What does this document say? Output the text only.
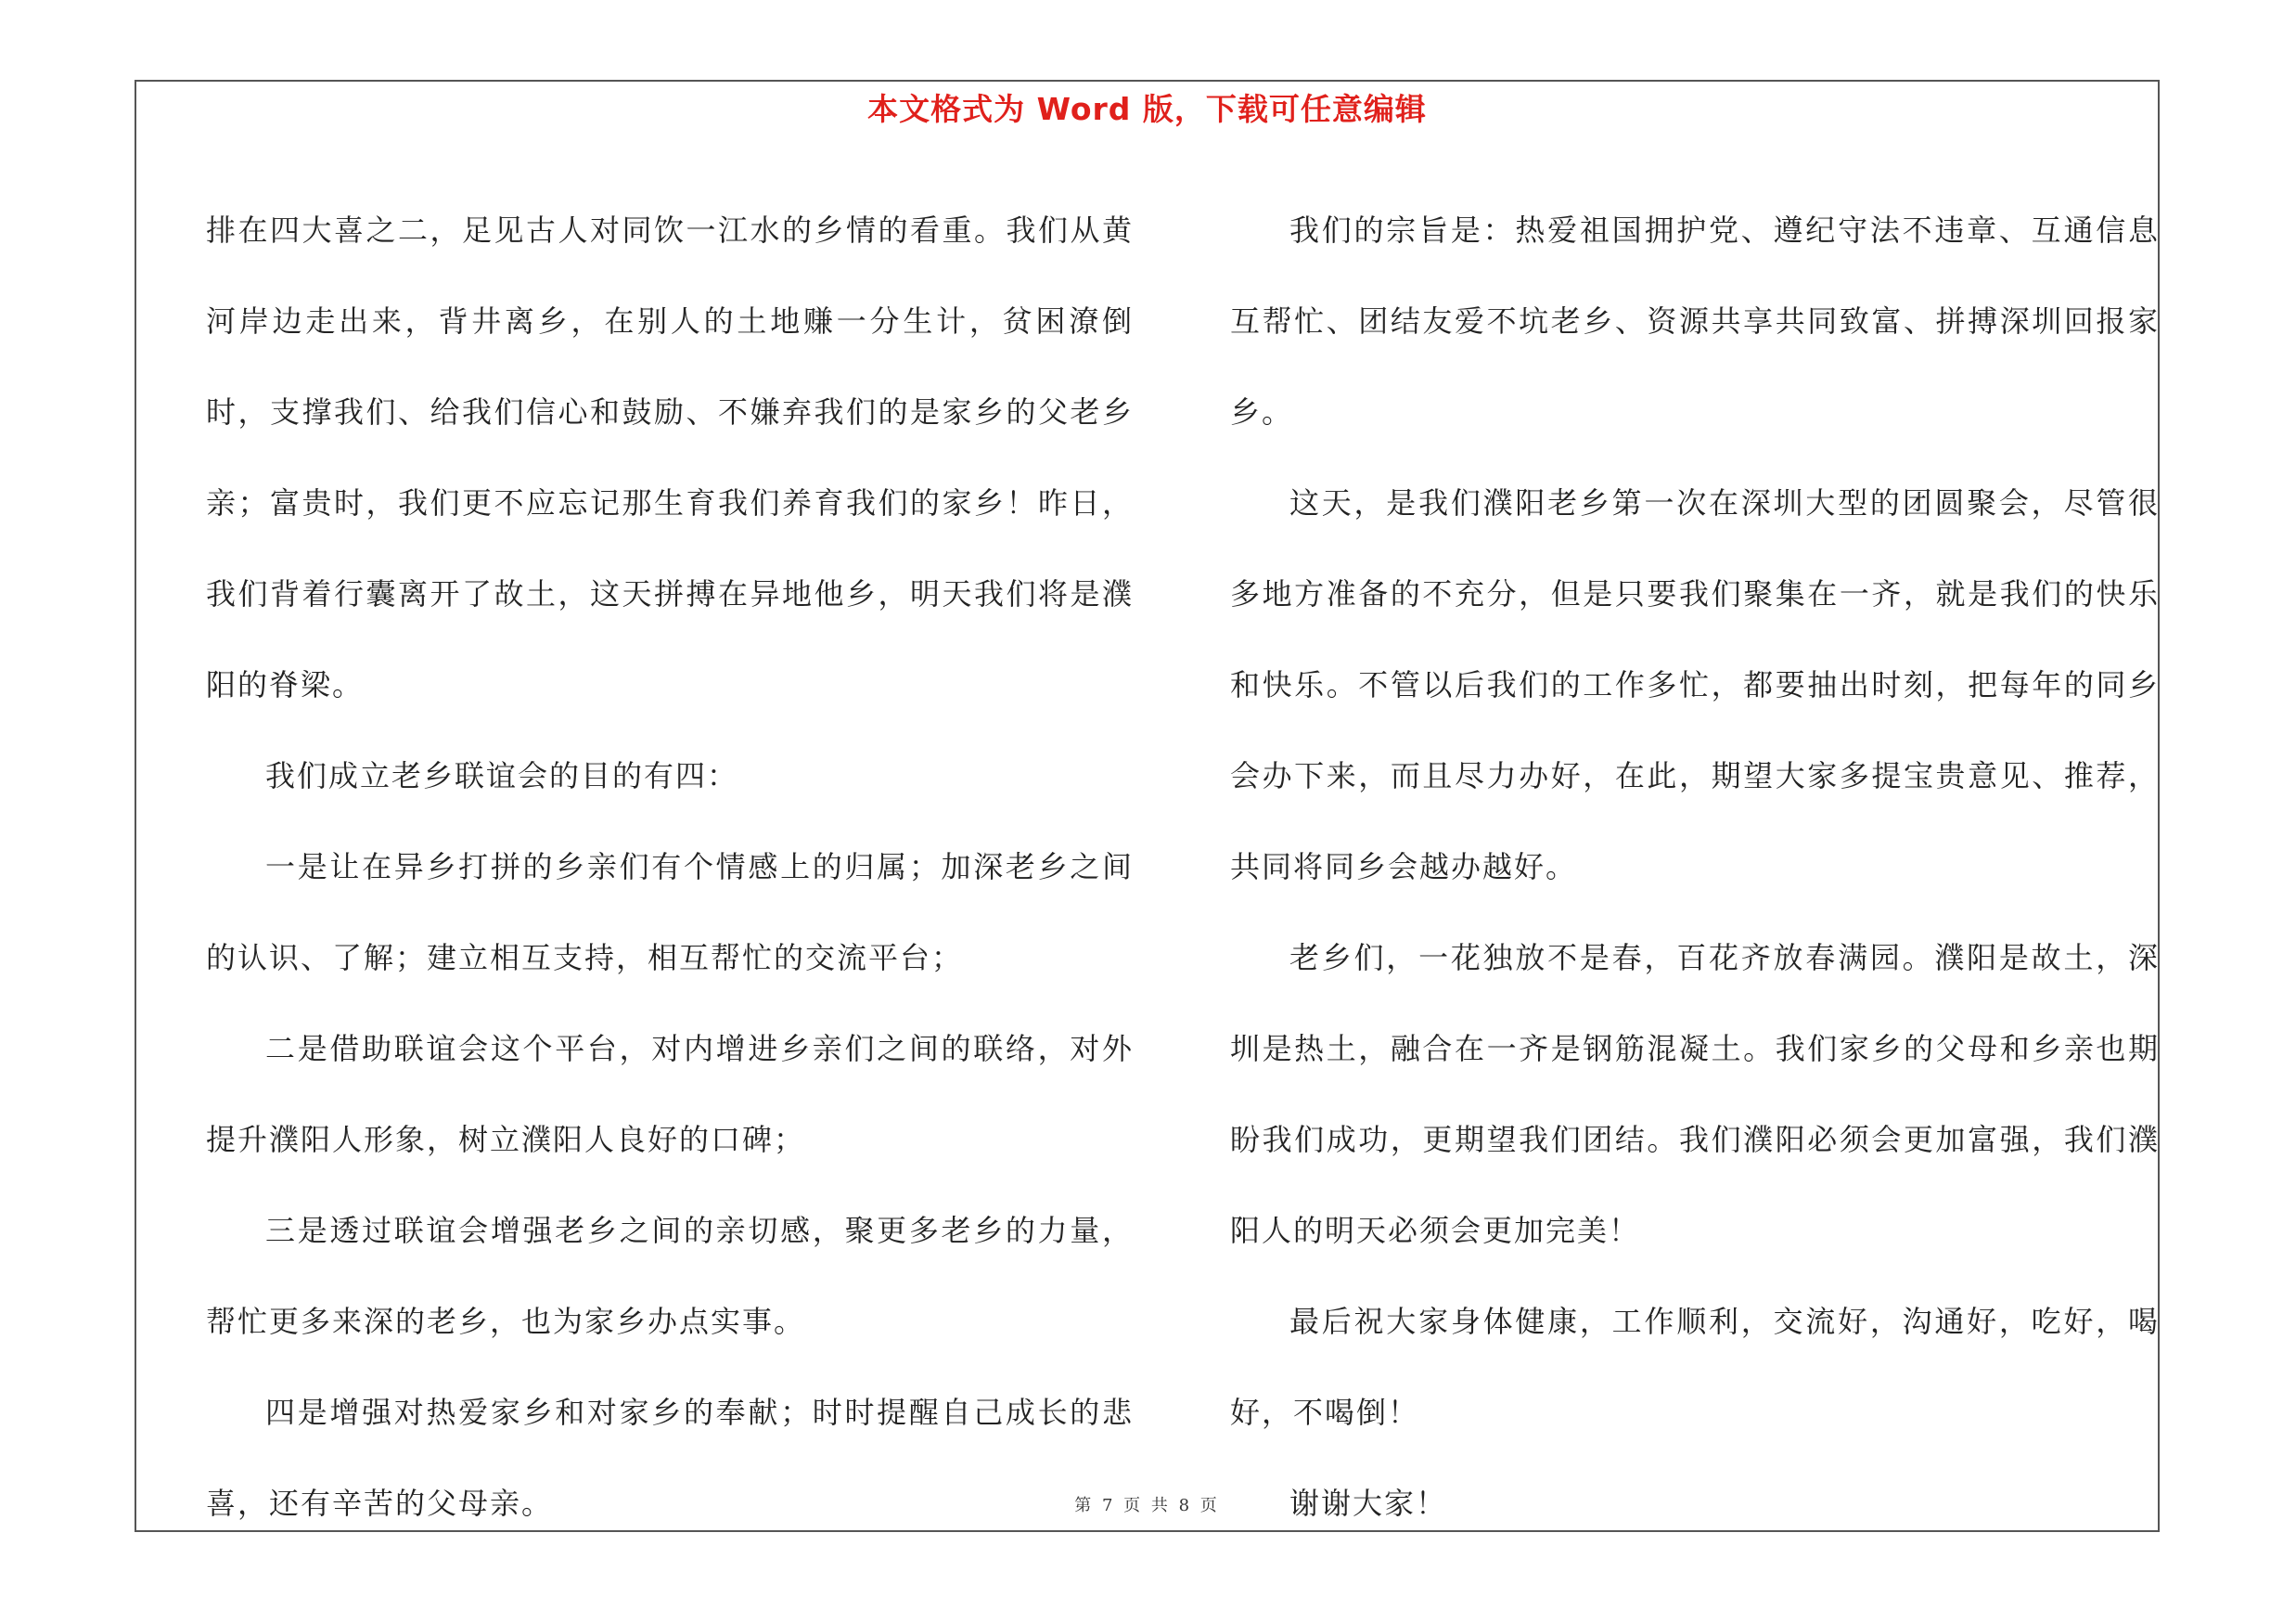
本文格式为 Word 版，下载可任意编辑

排在四大喜之二，足见古人对同饮一江水的乡情的看重。我们从黄河岸边走出来，背井离乡，在别人的土地赚一分生计，贫困潦倒时，支撑我们、给我们信心和鼓励、不嫌弃我们的是家乡的父老乡亲；富贵时，我们更不应忘记那生育我们养育我们的家乡！昨日，我们背着行囊离开了故土，这天拼搏在异地他乡，明天我们将是濮阳的脊梁。

我们成立老乡联谊会的目的有四：

一是让在异乡打拼的乡亲们有个情感上的归属；加深老乡之间的认识、了解；建立相互支持，相互帮忙的交流平台；

二是借助联谊会这个平台，对内增进乡亲们之间的联络，对外提升濮阳人形象，树立濮阳人良好的口碑；

三是透过联谊会增强老乡之间的亲切感，聚更多老乡的力量，帮忙更多来深的老乡，也为家乡办点实事。

四是增强对热爱家乡和对家乡的奉献；时时提醒自己成长的悲喜，还有辛苦的父母亲。

我们的宗旨是：热爱祖国拥护党、遵纪守法不违章、互通信息互帮忙、团结友爱不坑老乡、资源共享共同致富、拼搏深圳回报家乡。

这天，是我们濮阳老乡第一次在深圳大型的团圆聚会，尽管很多地方准备的不充分，但是只要我们聚集在一齐，就是我们的快乐和快乐。不管以后我们的工作多忙，都要抽出时刻，把每年的同乡会办下来，而且尽力办好，在此，期望大家多提宝贵意见、推荐，共同将同乡会越办越好。

老乡们，一花独放不是春，百花齐放春满园。濮阳是故土，深圳是热土，融合在一齐是钢筋混凝土。我们家乡的父母和乡亲也期盼我们成功，更期望我们团结。我们濮阳必须会更加富强，我们濮阳人的明天必须会更加完美！

最后祝大家身体健康，工作顺利，交流好，沟通好，吃好，喝好，不喝倒！

谢谢大家！

第 7 页 共 8 页
